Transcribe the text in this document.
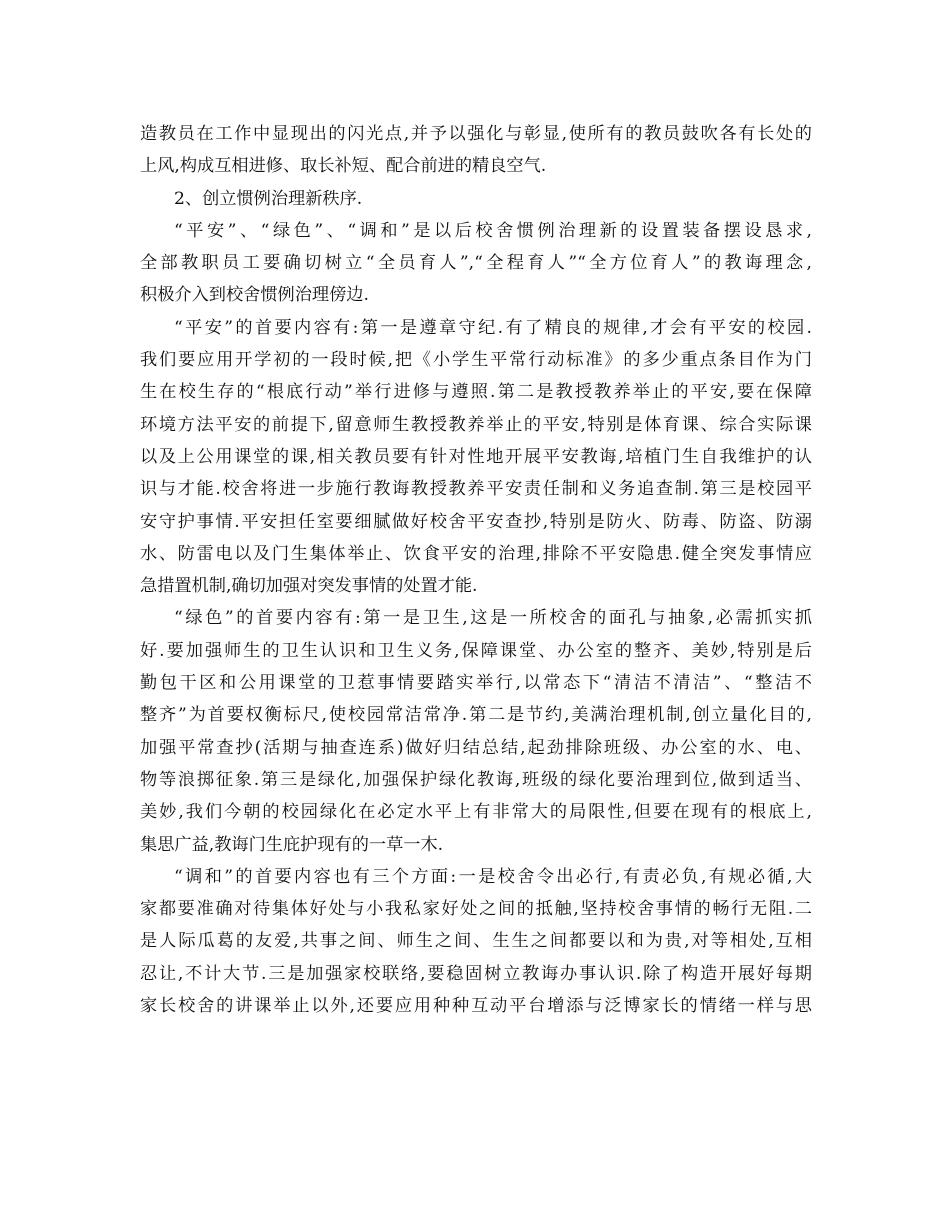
造教员在工作中显现出的闪光点,并予以强化与彰显,使所有的教员鼓吹各有长处的
上风,构成互相进修、取长补短、配合前进的精良空气.
2、创立惯例治理新秩序.
“平安”、“绿色”、“调和”是以后校舍惯例治理新的设置装备摆设恳求,
全部教职员工要确切树立“全员育人”,“全程育人”“全方位育人”的教诲理念,
积极介入到校舍惯例治理傍边.
“平安”的首要内容有:第一是遵章守纪.有了精良的规律,才会有平安的校园.
我们要应用开学初的一段时候,把《小学生平常行动标准》的多少重点条目作为门
生在校生存的“根底行动”举行进修与遵照.第二是教授教养举止的平安,要在保障
环境方法平安的前提下,留意师生教授教养举止的平安,特别是体育课、综合实际课
以及上公用课堂的课,相关教员要有针对性地开展平安教诲,培植门生自我维护的认
识与才能.校舍将进一步施行教诲教授教养平安责任制和义务追查制.第三是校园平
安守护事情.平安担任室要细腻做好校舍平安查抄,特别是防火、防毒、防盗、防溺
水、防雷电以及门生集体举止、饮食平安的治理,排除不平安隐患.健全突发事情应
急措置机制,确切加强对突发事情的处置才能.
“绿色”的首要内容有:第一是卫生,这是一所校舍的面孔与抽象,必需抓实抓
好.要加强师生的卫生认识和卫生义务,保障课堂、办公室的整齐、美妙,特别是后
勤包干区和公用课堂的卫惹事情要踏实举行,以常态下“清洁不清洁”、“整洁不
整齐”为首要权衡标尺,使校园常洁常净.第二是节约,美满治理机制,创立量化目的,
加强平常查抄(活期与抽查连系)做好归结总结,起劲排除班级、办公室的水、电、
物等浪掷征象.第三是绿化,加强保护绿化教诲,班级的绿化要治理到位,做到适当、
美妙,我们今朝的校园绿化在必定水平上有非常大的局限性,但要在现有的根底上,
集思广益,教诲门生庇护现有的一草一木.
“调和”的首要内容也有三个方面:一是校舍令出必行,有责必负,有规必循,大
家都要准确对待集体好处与小我私家好处之间的抵触,坚持校舍事情的畅行无阻.二
是人际瓜葛的友爱,共事之间、师生之间、生生之间都要以和为贵,对等相处,互相
忍让,不计大节.三是加强家校联络,要稳固树立教诲办事认识.除了构造开展好每期
家长校舍的讲课举止以外,还要应用种种互动平台增添与泛博家长的情绪一样与思
